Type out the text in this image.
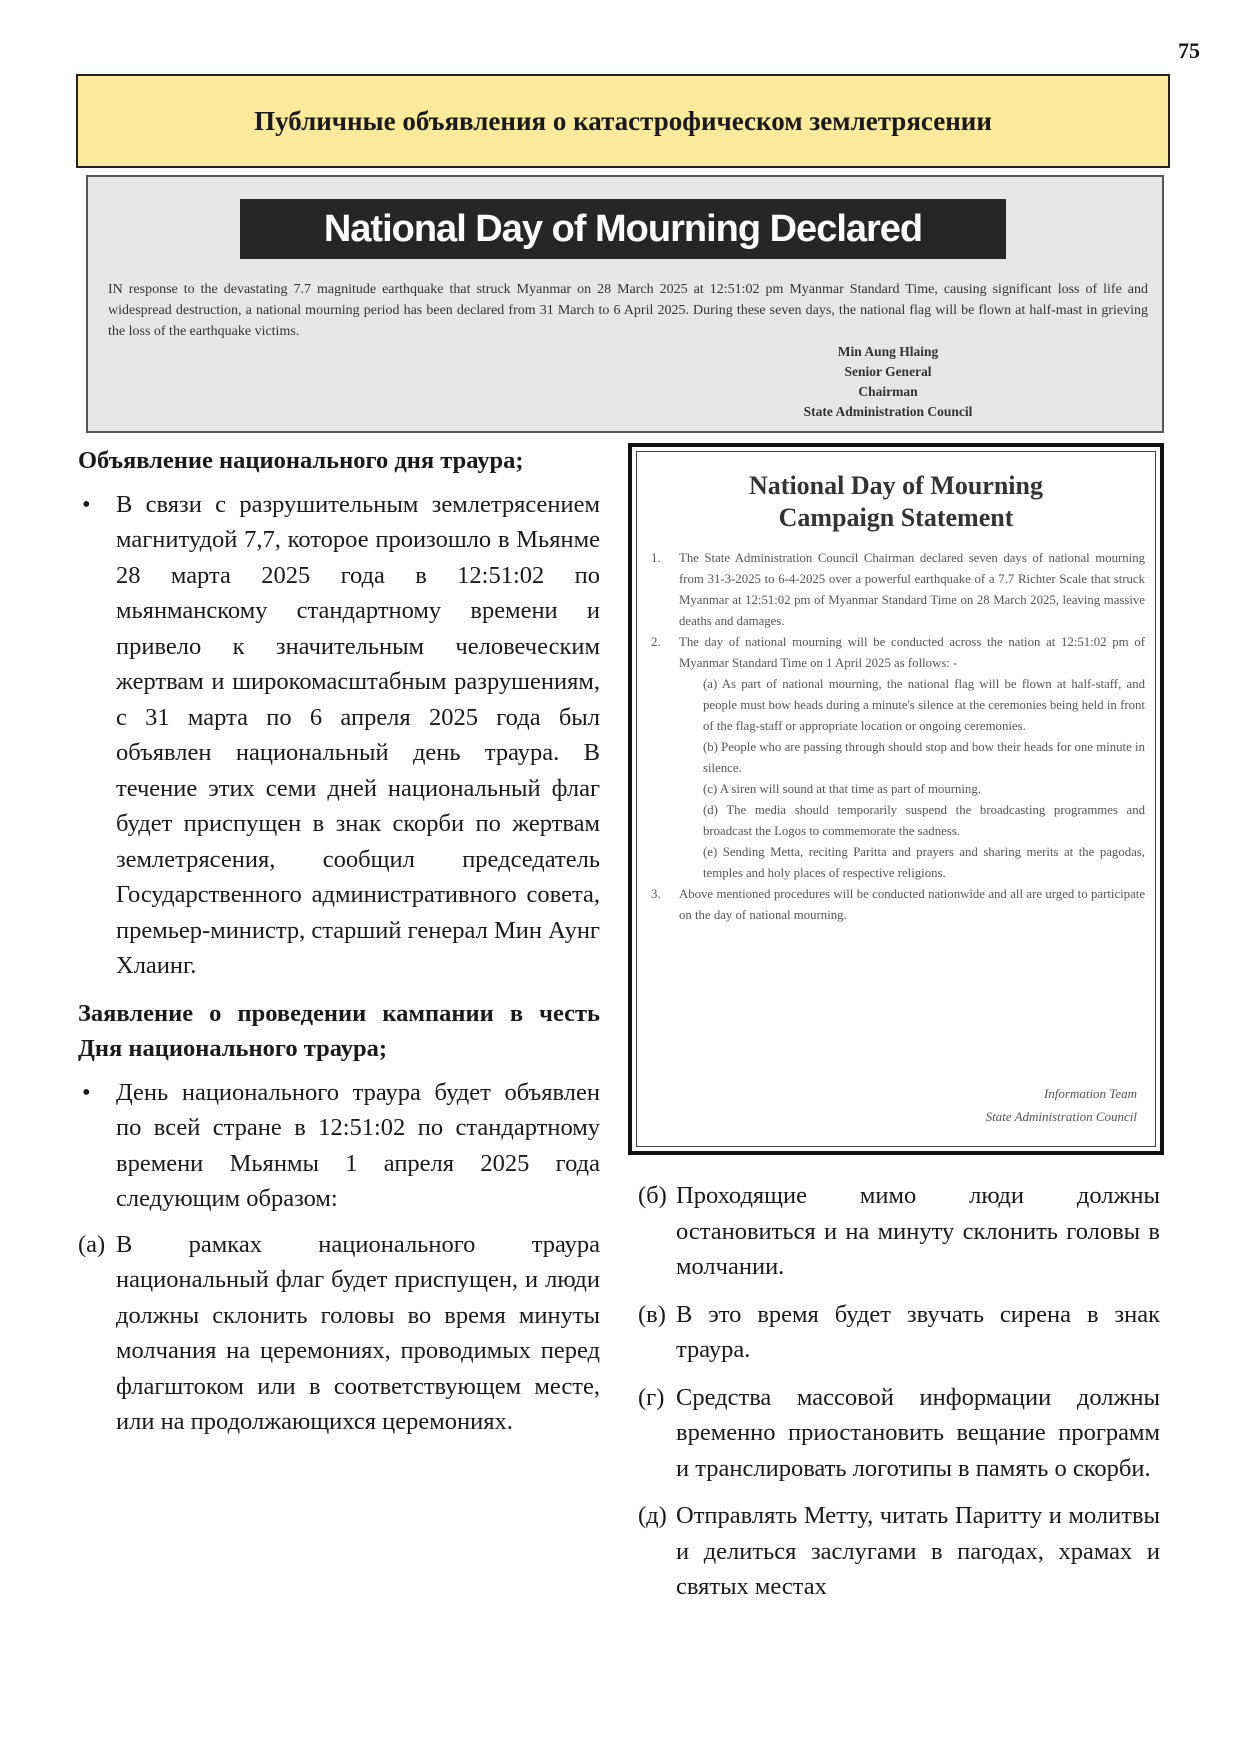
75
Публичные объявления о катастрофическом землетрясении
National Day of Mourning Declared
IN response to the devastating 7.7 magnitude earthquake that struck Myanmar on 28 March 2025 at 12:51:02 pm Myanmar Standard Time, causing significant loss of life and widespread destruction, a national mourning period has been declared from 31 March to 6 April 2025. During these seven days, the national flag will be flown at half-mast in grieving the loss of the earthquake victims.
Min Aung Hlaing
Senior General
Chairman
State Administration Council
National Day of Mourning
Campaign Statement
1. The State Administration Council Chairman declared seven days of national mourning from 31-3-2025 to 6-4-2025 over a powerful earthquake of a 7.7 Richter Scale that struck Myanmar at 12:51:02 pm of Myanmar Standard Time on 28 March 2025, leaving massive deaths and damages.
2. The day of national mourning will be conducted across the nation at 12:51:02 pm of Myanmar Standard Time on 1 April 2025 as follows: -
(a) As part of national mourning, the national flag will be flown at half-staff, and people must bow heads during a minute's silence at the ceremonies being held in front of the flag-staff or appropriate location or ongoing ceremonies.
(b) People who are passing through should stop and bow their heads for one minute in silence.
(c) A siren will sound at that time as part of mourning.
(d) The media should temporarily suspend the broadcasting programmes and broadcast the Logos to commemorate the sadness.
(e) Sending Metta, reciting Paritta and prayers and sharing merits at the pagodas, temples and holy places of respective religions.
3. Above mentioned procedures will be conducted nationwide and all are urged to participate on the day of national mourning.
Information Team
State Administration Council

Объявление национального дня траура;

• В связи с разрушительным землетрясением магнитудой 7,7, которое произошло в Мьянме 28 марта 2025 года в 12:51:02 по мьянманскому стандартному времени и привело к значительным человеческим жертвам и широкомасштабным разрушениям, с 31 марта по 6 апреля 2025 года был объявлен национальный день траура. В течение этих семи дней национальный флаг будет приспущен в знак скорби по жертвам землетрясения, сообщил председатель Государственного административного совета, премьер-министр, старший генерал Мин Аунг Хлаинг.

Заявление о проведении кампании в честь Дня национального траура;

• День национального траура будет объявлен по всей стране в 12:51:02 по стандартному времени Мьянмы 1 апреля 2025 года следующим образом:

(а) В рамках национального траура национальный флаг будет приспущен, и люди должны склонить головы во время минуты молчания на церемониях, проводимых перед флагштоком или в соответствующем месте, или на продолжающихся церемониях.

(б) Проходящие мимо люди должны остановиться и на минуту склонить головы в молчании.

(в) В это время будет звучать сирена в знак траура.

(г) Средства массовой информации должны временно приостановить вещание программ и транслировать логотипы в память о скорби.

(д) Отправлять Метту, читать Паритту и молитвы и делиться заслугами в пагодах, храмах и святых местах
